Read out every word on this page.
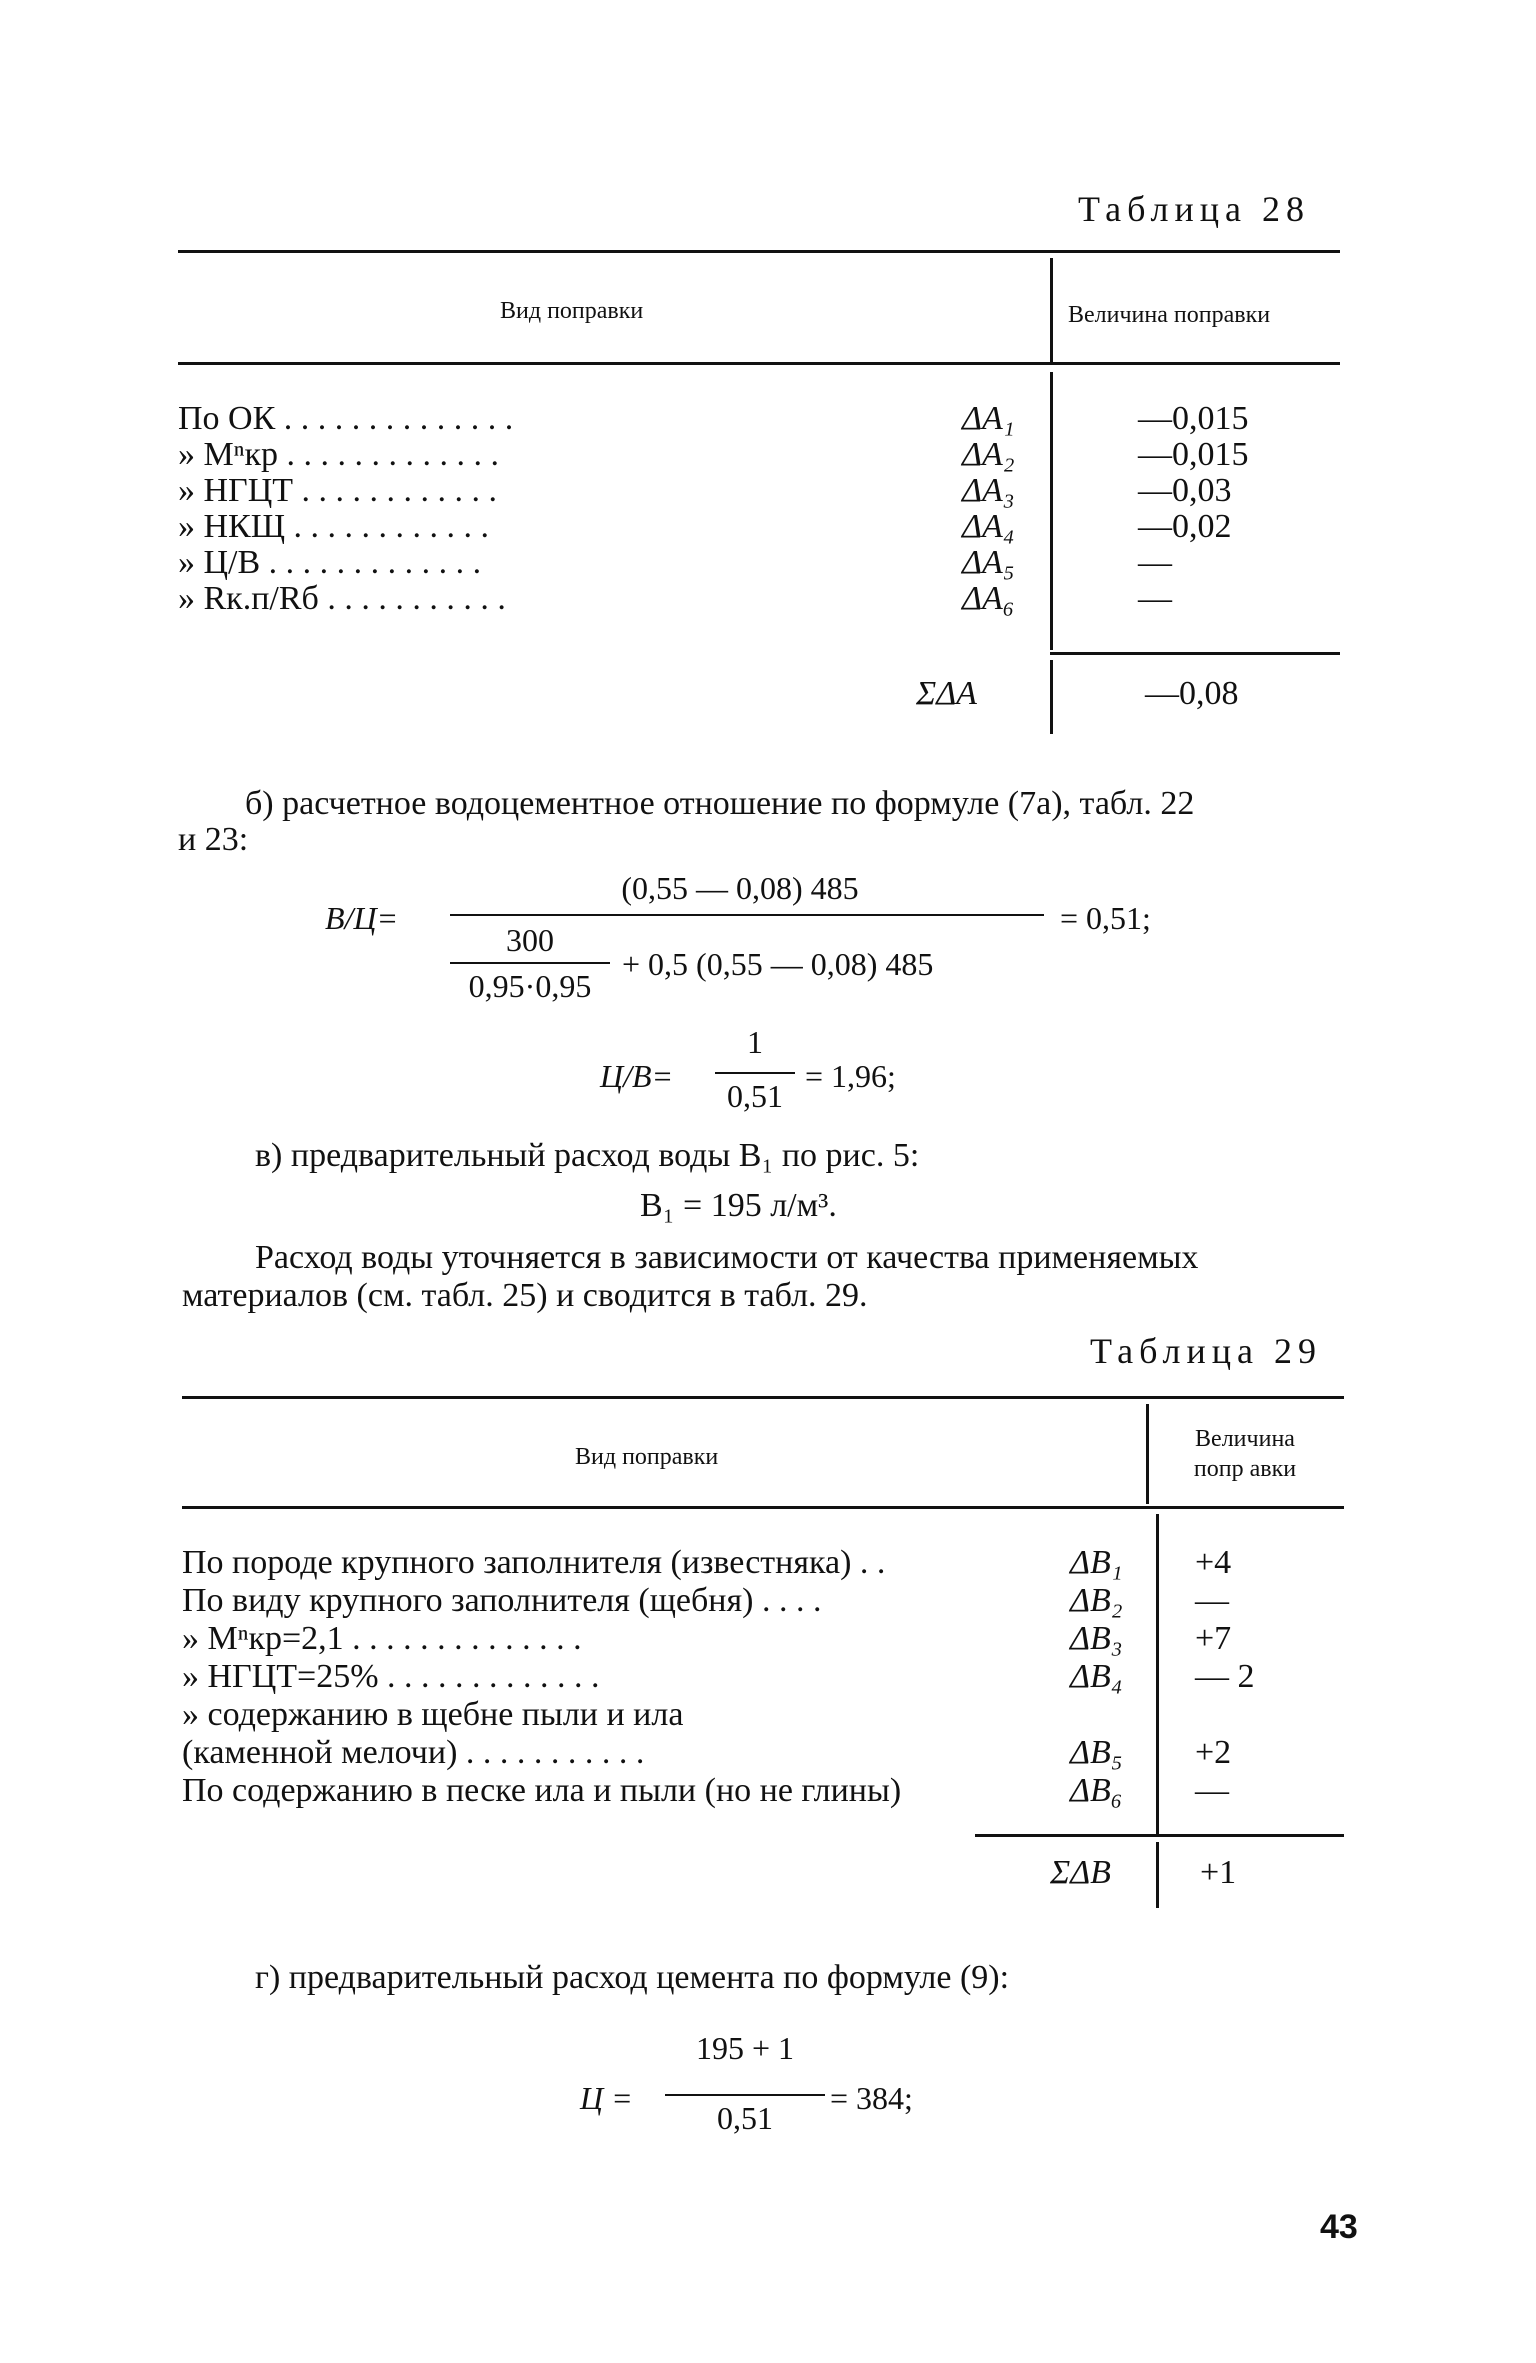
Таблица 28
Вид поправки	Величина поправки
По ОК . . . . . . . . . . . . . .	ΔA₁	—0,015
» Mⁿкр . . . . . . . . . . . . .	ΔA₂	—0,015
» НГЦТ . . . . . . . . . . . .	ΔA₃	—0,03
» НКЩ . . . . . . . . . . . .	ΔA₄	—0,02
» Ц/В . . . . . . . . . . . . .	ΔA₅	—
» Rк.п/Rб . . . . . . . . . . .	ΔA₆	—
ΣΔA	—0,08
б) расчетное водоцементное отношение по формуле (7а), табл. 22
и 23:
В/Ц=
(0,55 — 0,08) 485
= 0,51;
300
0,95·0,95
+ 0,5 (0,55 — 0,08) 485
Ц/В=
1
0,51
= 1,96;
в) предварительный расход воды B₁ по рис. 5:
B₁ = 195 л/м³.
Расход воды уточняется в зависимости от качества применяемых
материалов (см. табл. 25) и сводится в табл. 29.
Таблица 29
Вид поправки
Величина
попр авки
По породе крупного заполнителя (известняка) . .	ΔB₁ +4
По виду крупного заполнителя (щебня) . . . .	ΔB₂ —
» Mⁿкр=2,1 . . . . . . . . . . . . . .	ΔB₃ +7
» НГЦТ=25% . . . . . . . . . . . . .	ΔB₄ — 2
» содержанию в щебне пыли и ила
(каменной мелочи) . . . . . . . . . . .	ΔB₅ +2
По содержанию в песке ила и пыли (но не глины)	ΔB₆ —
ΣΔB	+1
г) предварительный расход цемента по формуле (9):
Ц =
195 + 1
0,51
= 384;
43
